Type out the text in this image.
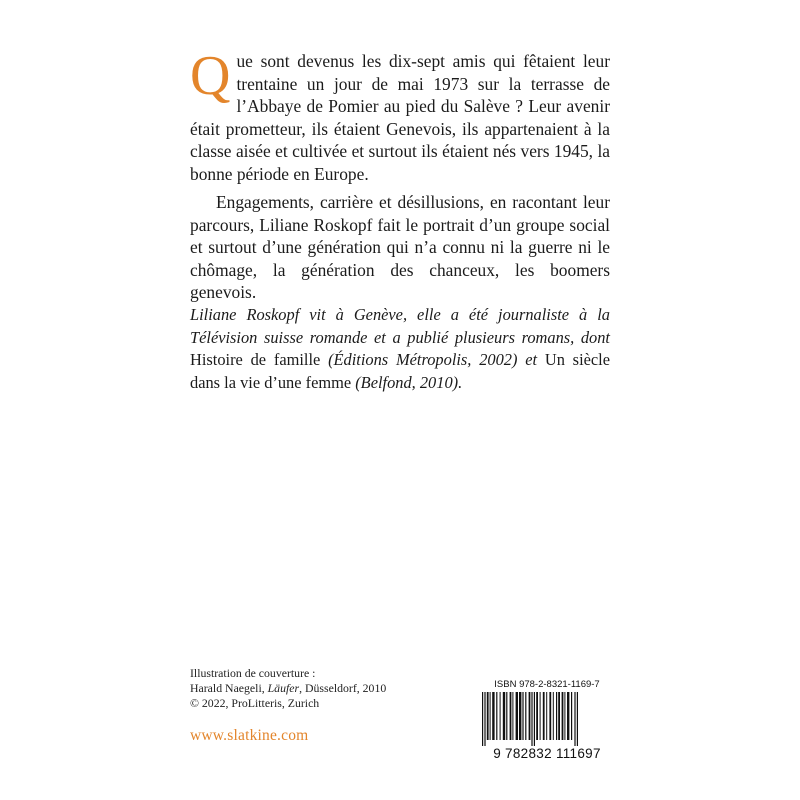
Que sont devenus les dix-sept amis qui fêtaient leur trentaine un jour de mai 1973 sur la terrasse de l’Abbaye de Pomier au pied du Salève ? Leur avenir était prometteur, ils étaient Genevois, ils appartenaient à la classe aisée et cultivée et surtout ils étaient nés vers 1945, la bonne période en Europe.

Engagements, carrière et désillusions, en racontant leur parcours, Liliane Roskopf fait le portrait d’un groupe social et surtout d’une génération qui n’a connu ni la guerre ni le chômage, la génération des chanceux, les boomers genevois.

Liliane Roskopf vit à Genève, elle a été journaliste à la Télévision suisse romande et a publié plusieurs romans, dont Histoire de famille (Éditions Métropolis, 2002) et Un siècle dans la vie d’une femme (Belfond, 2010).
Illustration de couverture :
Harald Naegeli, Läufer, Düsseldorf, 2010
© 2022, ProLitteris, Zurich
www.slatkine.com
ISBN 978-2-8321-1169-7
9 782832 111697
